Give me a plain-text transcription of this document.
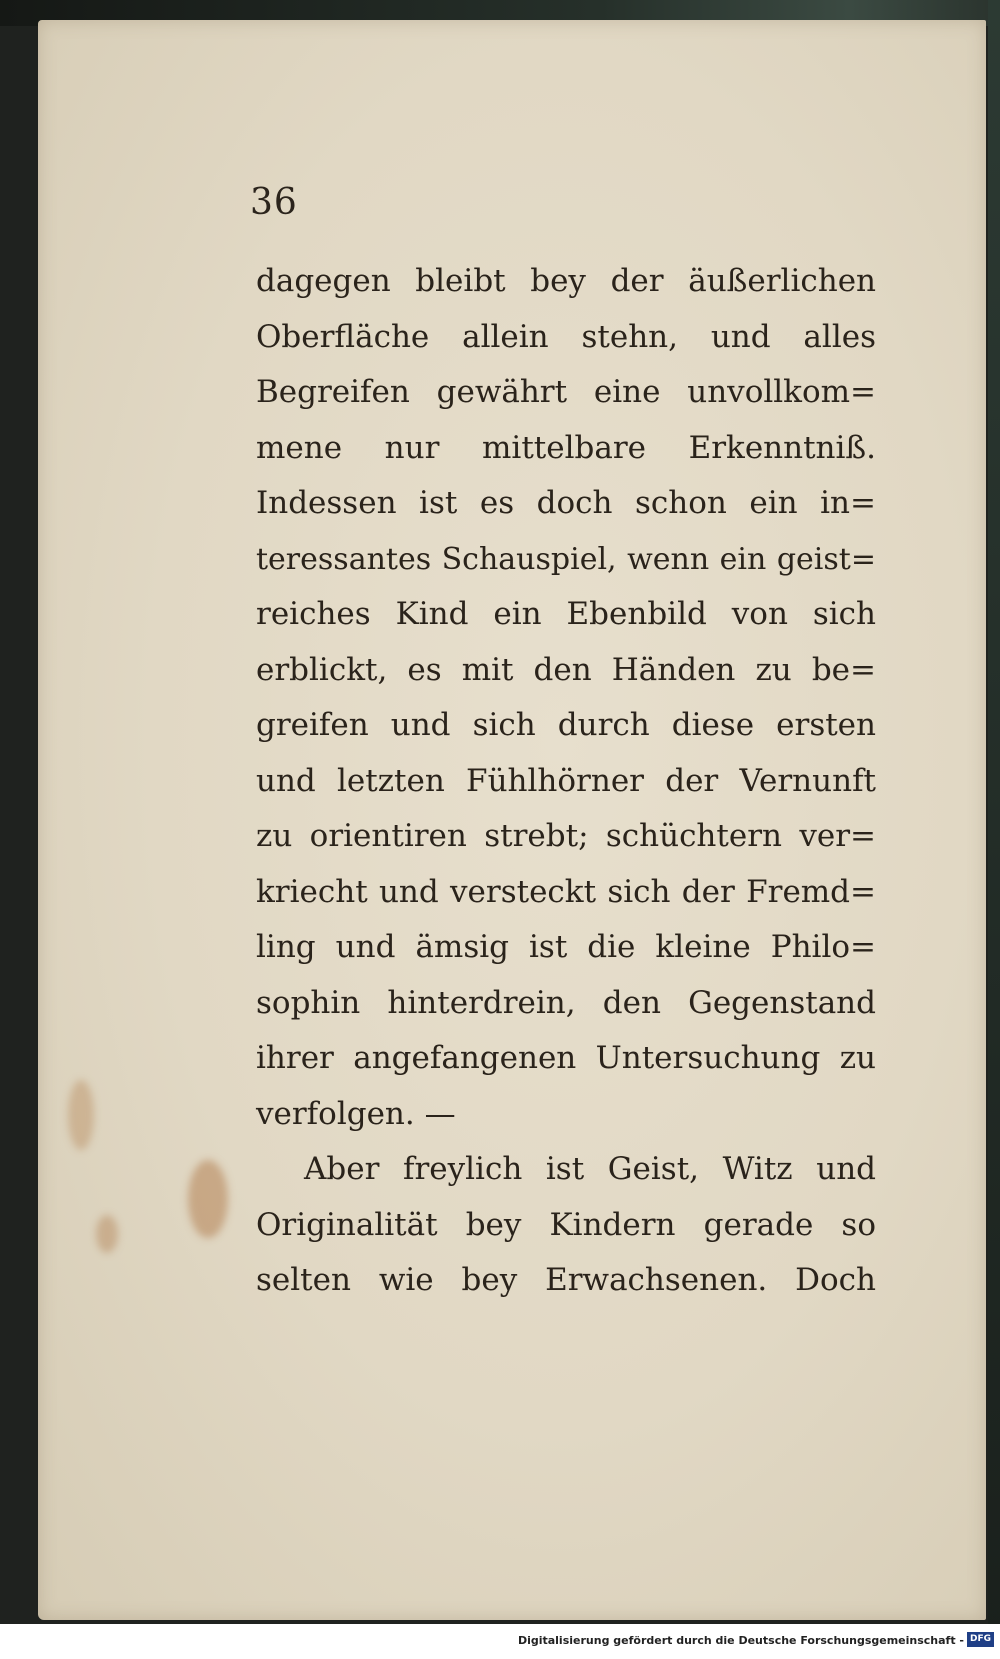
36
dagegen bleibt bey der äußerlichen
Oberfläche allein stehn, und alles
Begreifen gewährt eine unvollkom=
mene nur mittelbare Erkenntniß.
Indessen ist es doch schon ein in=
teressantes Schauspiel, wenn ein geist=
reiches Kind ein Ebenbild von sich
erblickt, es mit den Händen zu be=
greifen und sich durch diese ersten
und letzten Fühlhörner der Vernunft
zu orientiren strebt; schüchtern ver=
kriecht und versteckt sich der Fremd=
ling und ämsig ist die kleine Philo=
sophin hinterdrein, den Gegenstand
ihrer angefangenen Untersuchung zu
verfolgen. —
Aber freylich ist Geist, Witz und
Originalität bey Kindern gerade so
selten wie bey Erwachsenen. Doch
Digitalisierung gefördert durch die Deutsche Forschungsgemeinschaft - DFG
